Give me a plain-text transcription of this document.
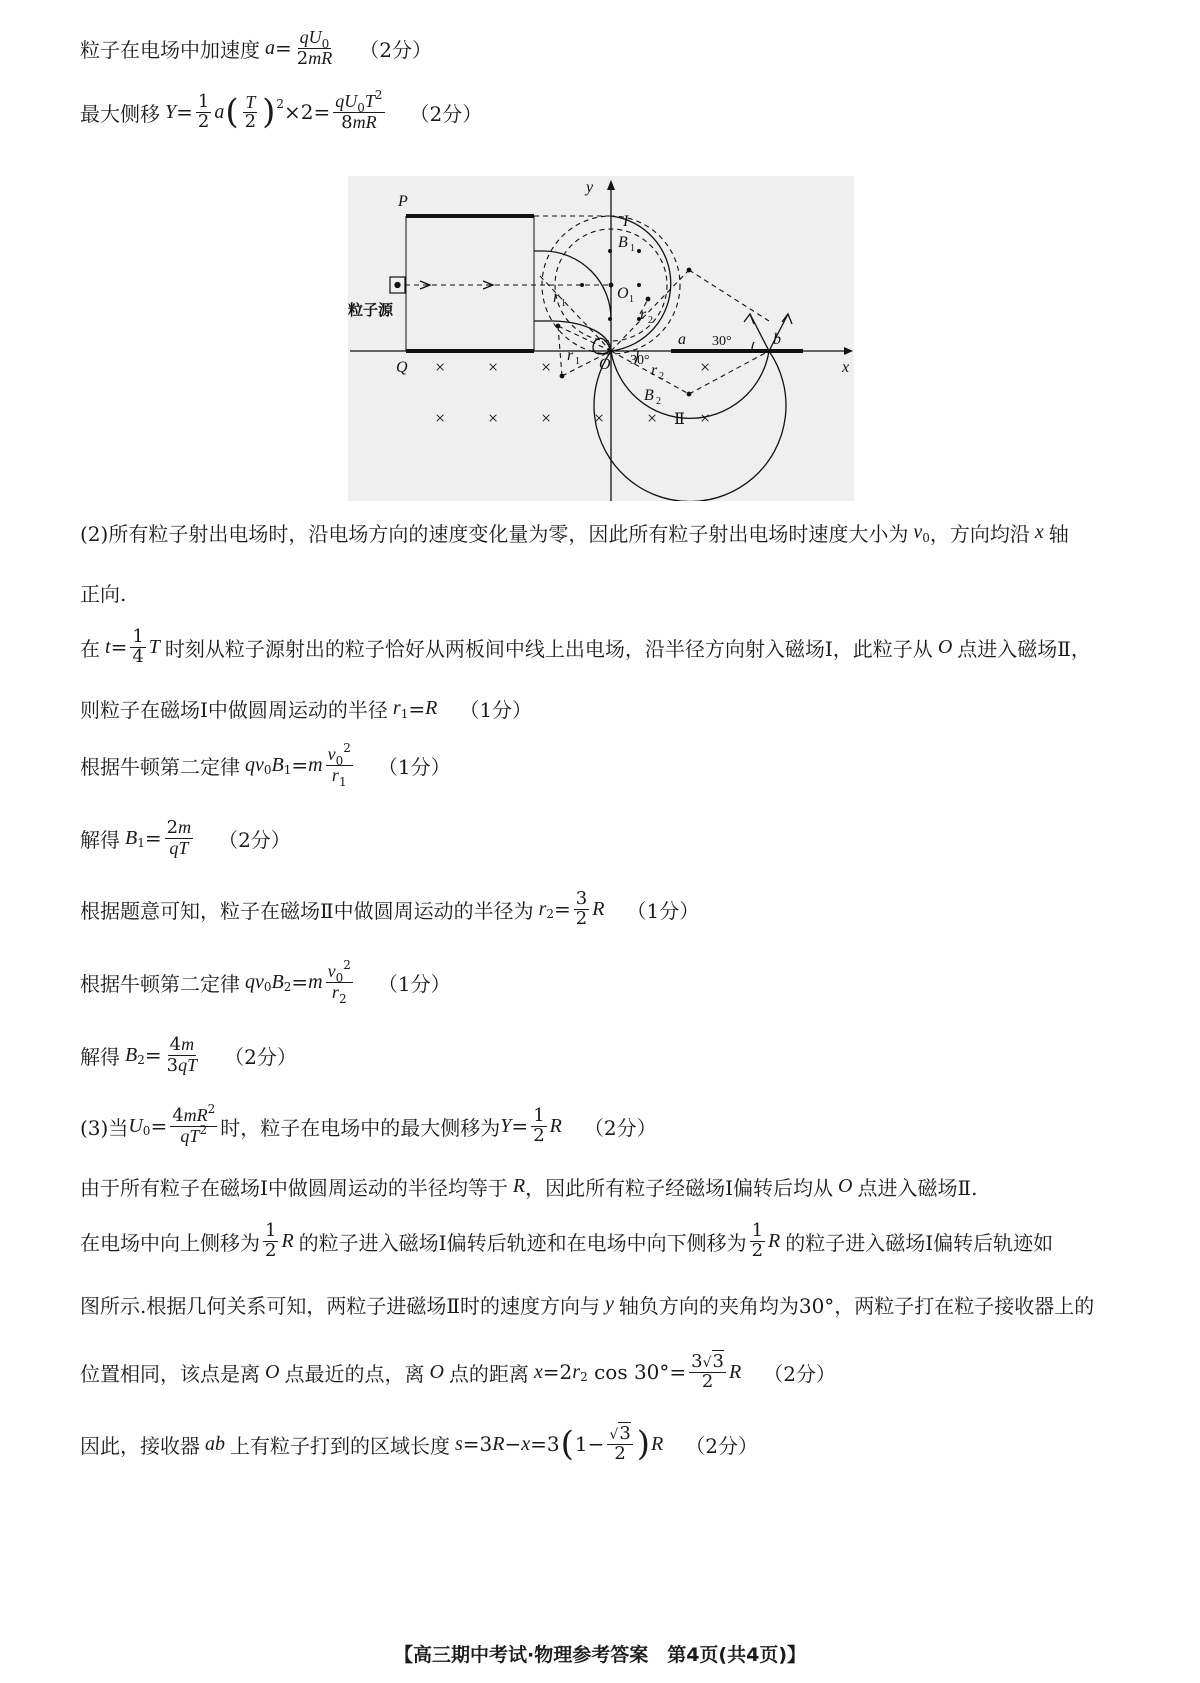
粒子在电场中加速度 $a = \frac{qU_0}{2mR} (2$分）
最大侧移 $Y = \frac{1}{2}$ a ( $\frac{T}{2}$ ) $2 \times 2= \frac{qU_0T^2}{8mR} (2$分）
× × ×	×
× × × × × ×
P
Q
y
x
I
B 1
O 1
O
a	b
r 1
r 1
r 2
r 2
B 2
Ⅱ
30°
30°
粒子源
(2)所有粒子射出电场时，沿电场方向的速度变化量为零，因此所有粒子射出电场时速度大小为 v 0 ，方向均沿 x 轴
正向.
在 $t = \frac{1}{4}$ T 时刻从粒子源射出的粒子恰好从两板间中线上出电场，沿半径方向射入磁场Ⅰ，此粒子从 O 点进入磁场Ⅱ，
则粒子在磁场Ⅰ中做圆周运动的半径 r 1 = R （1分）
根据牛顿第二定律 qv 0 B 1 = m $\frac{v_0^2}{r_1} (1$分）
解得 B $1 = \frac{2m}{qT} (2$分）
根据题意可知，粒子在磁场Ⅱ中做圆周运动的半径为 r $2 = \frac{3}{2}$ R （1分）
根据牛顿第二定律 qv 0 B 2 = m $\frac{v_0^2}{r_2} (1$分）
解得 B $2 = \frac{4m}{3qT} (2$分）
(3)当 U $0 = \frac{4mR^2}{qT^2}$ 时，粒子在电场中的最大侧移为 $Y = \frac{1}{2}$ R （2分）
由于所有粒子在磁场Ⅰ中做圆周运动的半径均等于 R ，因此所有粒子经磁场Ⅰ偏转后均从 O 点进入磁场Ⅱ.
在电场中向上侧移为 $\frac{1}{2}$ R 的粒子进入磁场Ⅰ偏转后轨迹和在电场中向下侧移为 $\frac{1}{2}$ R 的粒子进入磁场Ⅰ偏转后轨迹如
图所示.根据几何关系可知，两粒子进磁场Ⅱ时的速度方向与 y 轴负方向的夹角均为30°，两粒子打在粒子接收器上的
位置相同，该点是离 O 点最近的点，离 O 点的距离 x =2 r 2 $\cos 30^\circ= \frac{3√3}{2}$ R （2分）
因此，接收器 ab 上有粒子打到的区域长度 s =3 R − x =3 ( $1- \frac{√3}{2}$ ) R （2分）
【高三期中考试·物理参考答案　第4页(共4页)】
